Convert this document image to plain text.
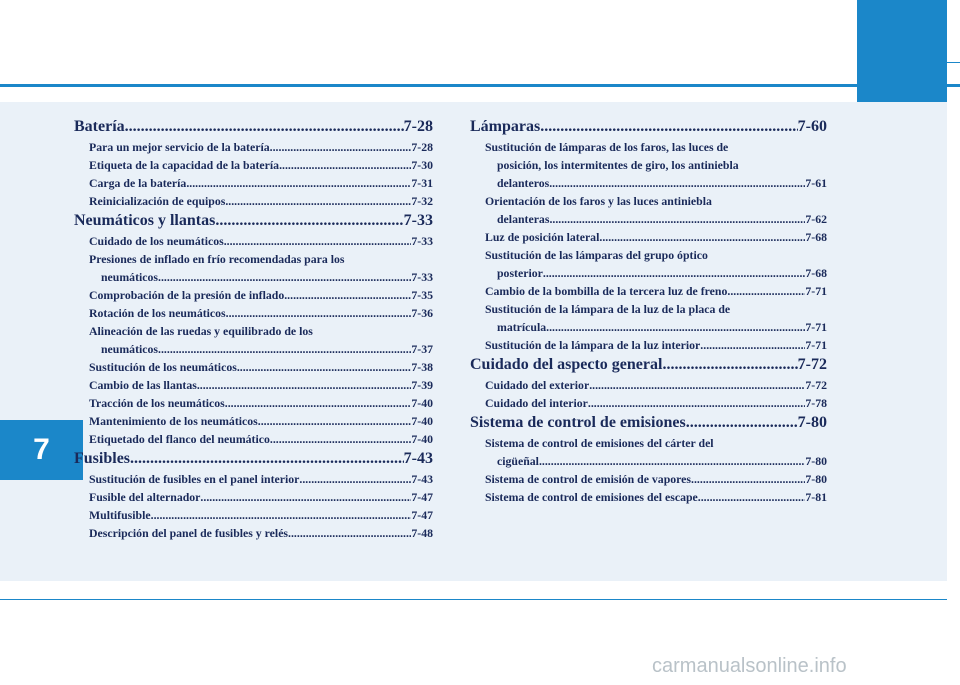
7
carmanualsonline.info
Batería .....	7-28
Para un mejor servicio de la batería .....	7-28
Etiqueta de la capacidad de la batería .....	7-30
Carga de la batería .....	7-31
Reinicialización de equipos .....	7-32
Neumáticos y llantas .....	7-33
Cuidado de los neumáticos .....	7-33
Presiones de inflado en frío recomendadas para los
neumáticos .....	7-33
Comprobación de la presión de inflado .....	7-35
Rotación de los neumáticos .....	7-36
Alineación de las ruedas y equilibrado de los
neumáticos .....	7-37
Sustitución de los neumáticos .....	7-38
Cambio de las llantas .....	7-39
Tracción de los neumáticos .....	7-40
Mantenimiento de los neumáticos .....	7-40
Etiquetado del flanco del neumático .....	7-40
Fusibles .....	7-43
Sustitución de fusibles en el panel interior .....	7-43
Fusible del alternador .....	7-47
Multifusible .....	7-47
Descripción del panel de fusibles y relés .....	7-48
Lámparas .....	7-60
Sustitución de lámparas de los faros, las luces de
posición, los intermitentes de giro, los antiniebla
delanteros .....	7-61
Orientación de los faros y las luces antiniebla
delanteras .....	7-62
Luz de posición lateral .....	7-68
Sustitución de las lámparas del grupo óptico
posterior .....	7-68
Cambio de la bombilla de la tercera luz de freno .....	7-71
Sustitución de la lámpara de la luz de la placa de
matrícula .....	7-71
Sustitución de la lámpara de la luz interior .....	7-71
Cuidado del aspecto general .....	7-72
Cuidado del exterior .....	7-72
Cuidado del interior .....	7-78
Sistema de control de emisiones .....	7-80
Sistema de control de emisiones del cárter del
cigüeñal .....	7-80
Sistema de control de emisión de vapores .....	7-80
Sistema de control de emisiones del escape .....	7-81
